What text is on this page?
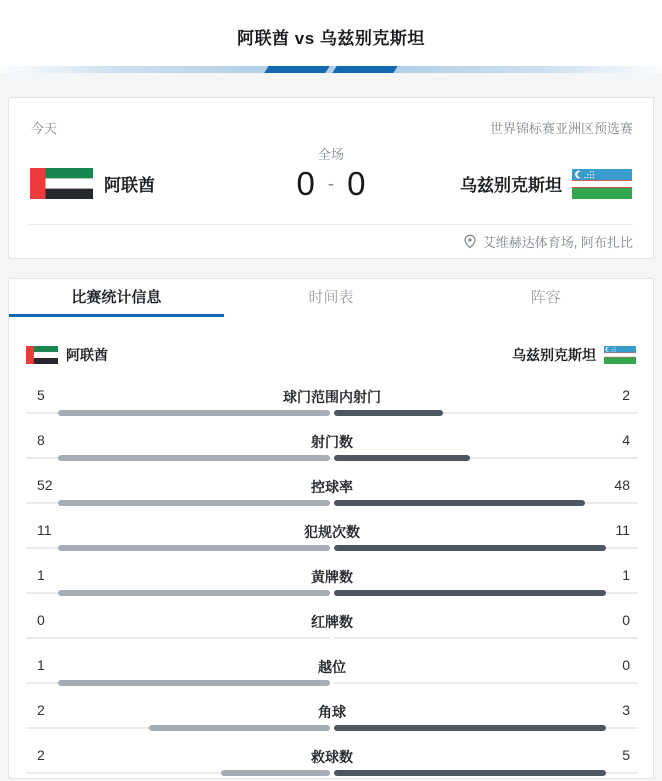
阿联酋 vs 乌兹别克斯坦
今天	世界锦标赛亚洲区预选赛
全场
阿联酋	0 - 0	乌兹别克斯坦
艾维赫达体育场, 阿布扎比
比赛统计信息	时间表	阵容
阿联酋	乌兹别克斯坦
5	球门范围内射门	2
8	射门数	4
52	控球率	48
11	犯规次数	11
1	黄牌数	1
0	红牌数	0
1	越位	0
2	角球	3
2	救球数	5
